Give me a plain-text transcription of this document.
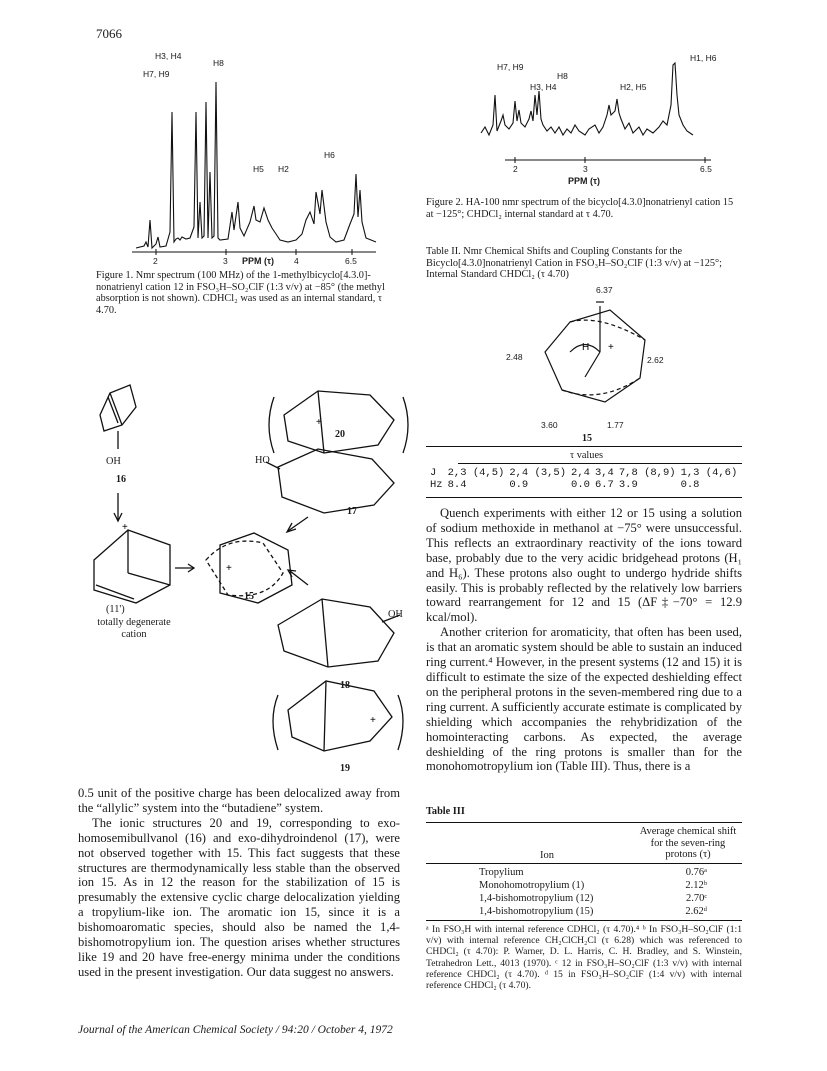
7066
H3, H4
H8
H7, H9
H6
H5 H2
2	3 PPM (τ) 4	6.5
Figure 1. Nmr spectrum (100 MHz) of the 1-methylbicyclo[4.3.0]-nonatrienyl cation 12 in FSO₃H–SO₂ClF (1:3 v/v) at −85° (the methyl absorption is not shown). CDHCl₂ was used as an internal standard, τ 4.70.
H7, H9
H8
H3, H4	H2, H5
H1, H6
2	3	6.5
PPM (τ)
Figure 2. HA-100 nmr spectrum of the bicyclo[4.3.0]nonatrienyl cation 15 at −125°; CHDCl₂ internal standard at τ 4.70.
Table II. Nmr Chemical Shifts and Coupling Constants for the Bicyclo[4.3.0]nonatrienyl Cation in FSO₃H–SO₂ClF (1:3 v/v) at −125°; Internal Standard CHDCl₂ (τ 4.70)
H +
6.37
2.48	2.62
3.60	1.77
15
τ values
J	2,3 (4,5)	2,4 (3,5)	2,4	3,4	7,8 (8,9)	1,3 (4,6)
Hz	8.4	0.9	0.0	6.7	3.9	0.8
+
+
+
+
OH
16
20
HO
17
15
(11')
totally degenerate
cation
OH
18
19

Quench experiments with either 12 or 15 using a solution of sodium methoxide in methanol at −75° were unsuccessful. This reflects an extraordinary reactivity of the ions toward base, probably due to the very acidic bridgehead protons (H₁ and H₆). These protons also ought to undergo hydride shifts easily. This is probably reflected by the relatively low barriers toward rearrangement for 12 and 15 (ΔF‡−70° = 12.9 kcal/mol).

Another criterion for aromaticity, that often has been used, is that an aromatic system should be able to sustain an induced ring current.⁴ However, in the present systems (12 and 15) it is difficult to estimate the size of the expected deshielding effect on the peripheral protons in the seven-membered ring due to a ring current. A sufficiently accurate estimate is complicated by shielding which accompanies the rehybridization of the homointeracting carbons. As expected, the average deshielding of the ring protons is smaller than for the monohomotropylium ion (Table III). Thus, there is a

0.5 unit of the positive charge has been delocalized away from the “allylic” system into the “butadiene” system.

The ionic structures 20 and 19, corresponding to exo-homosemibullvanol (16) and exo-dihydroindenol (17), were not observed together with 15. This fact suggests that these structures are thermodynamically less stable than the observed ion 15. As in 12 the reason for the stabilization of 15 is presumably the extensive cyclic charge delocalization yielding a tropylium-like ion. The aromatic ion 15, since it is a bishomoaromatic species, should also be named the 1,4-bishomotropylium ion. The question arises whether structures like 19 and 20 have free-energy minima under the conditions used in the present investigation. Our data suggest no answers.

Table III
Average chemical shift for the seven-ring protons (τ)
Ion
Tropylium	0.76ᵃ
Monohomotropylium (1)	2.12ᵇ
1,4-bishomotropylium (12)	2.70ᶜ
1,4-bishomotropylium (15)	2.62ᵈ
ᵃ In FSO₃H with internal reference CDHCl₂ (τ 4.70).⁴ ᵇ In FSO₃H–SO₂ClF (1:1 v/v) with internal reference CH₂ClCH₂Cl (τ 6.28) which was referenced to CHDCl₂ (τ 4.70): P. Warner, D. L. Harris, C. H. Bradley, and S. Winstein, Tetrahedron Lett., 4013 (1970). ᶜ 12 in FSO₃H–SO₂ClF (1:3 v/v) with internal reference CHDCl₂ (τ 4.70). ᵈ 15 in FSO₃H–SO₂ClF (1:4 v/v) with internal reference CHDCl₂ (τ 4.70).
Journal of the American Chemical Society / 94:20 / October 4, 1972
